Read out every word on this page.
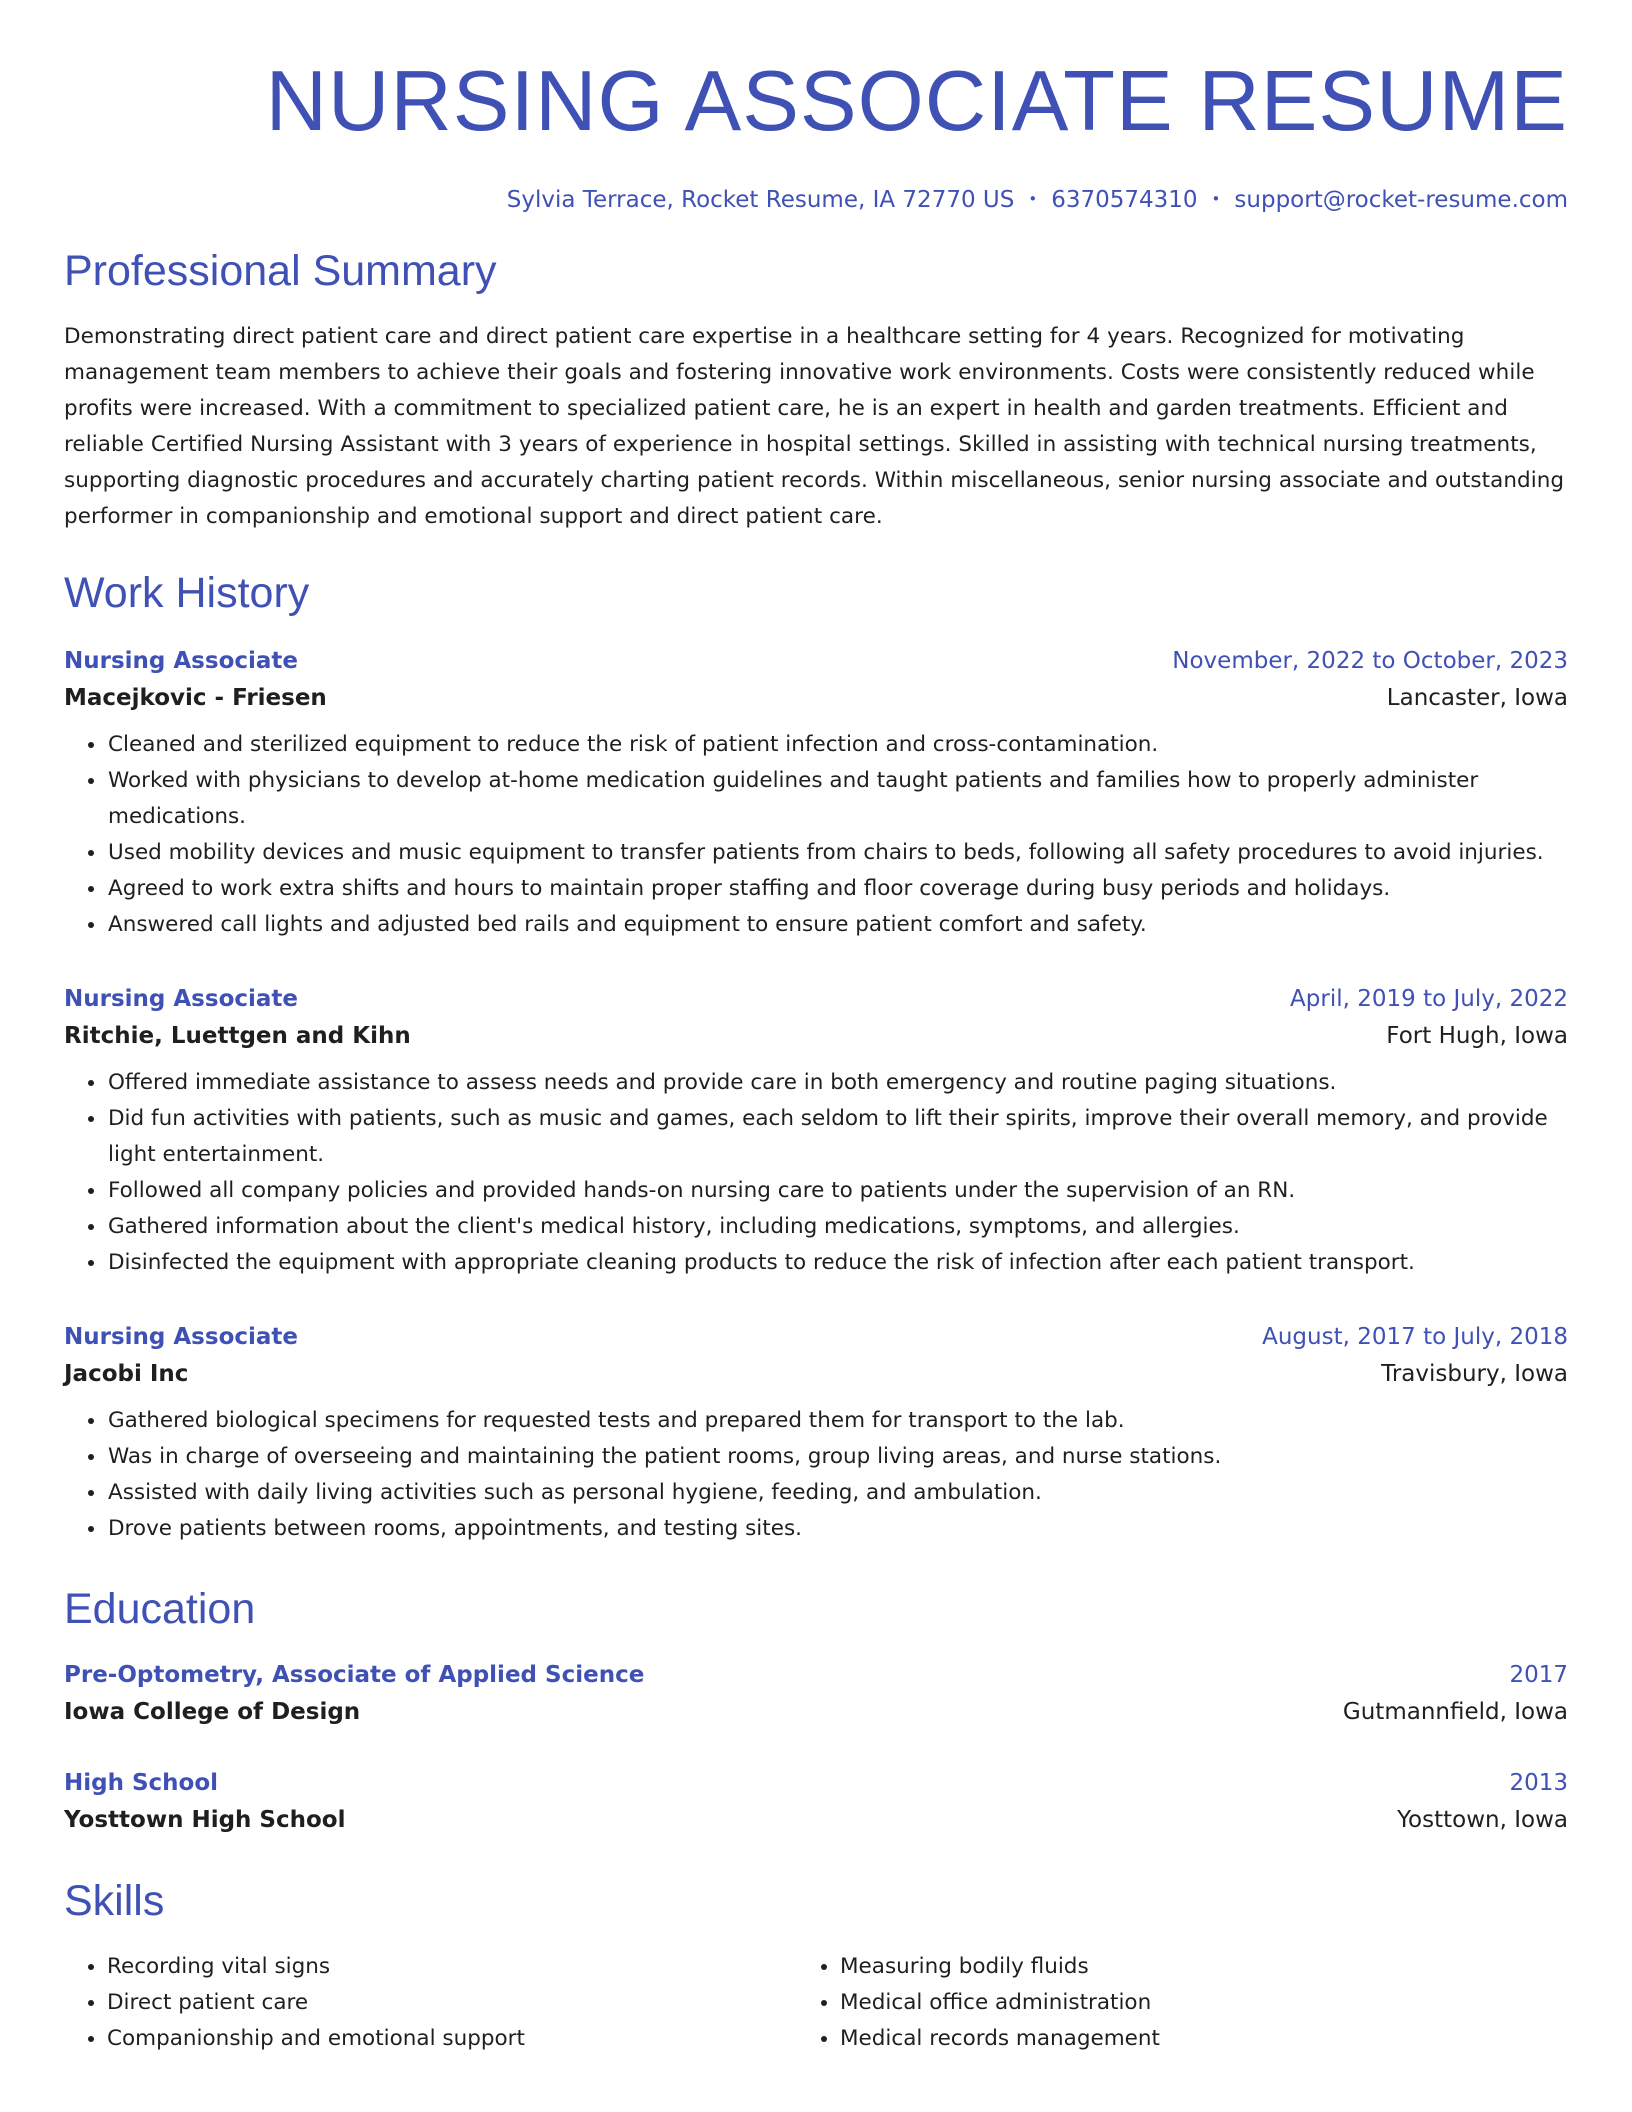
NURSING ASSOCIATE RESUME
Sylvia Terrace, Rocket Resume, IA 72770 US • 6370574310 • support@rocket-resume.com
Professional Summary
Demonstrating direct patient care and direct patient care expertise in a healthcare setting for 4 years. Recognized for motivating management team members to achieve their goals and fostering innovative work environments. Costs were consistently reduced while profits were increased. With a commitment to specialized patient care, he is an expert in health and garden treatments. Efficient and reliable Certified Nursing Assistant with 3 years of experience in hospital settings. Skilled in assisting with technical nursing treatments, supporting diagnostic procedures and accurately charting patient records. Within miscellaneous, senior nursing associate and outstanding performer in companionship and emotional support and direct patient care.
Work History
Nursing Associate	November, 2022 to October, 2023
Macejkovic - Friesen	Lancaster, Iowa
• Cleaned and sterilized equipment to reduce the risk of patient infection and cross-contamination.
• Worked with physicians to develop at-home medication guidelines and taught patients and families how to properly administer medications.
• Used mobility devices and music equipment to transfer patients from chairs to beds, following all safety procedures to avoid injuries.
• Agreed to work extra shifts and hours to maintain proper staffing and floor coverage during busy periods and holidays.
• Answered call lights and adjusted bed rails and equipment to ensure patient comfort and safety.
Nursing Associate	April, 2019 to July, 2022
Ritchie, Luettgen and Kihn	Fort Hugh, Iowa
• Offered immediate assistance to assess needs and provide care in both emergency and routine paging situations.
• Did fun activities with patients, such as music and games, each seldom to lift their spirits, improve their overall memory, and provide light entertainment.
• Followed all company policies and provided hands-on nursing care to patients under the supervision of an RN.
• Gathered information about the client's medical history, including medications, symptoms, and allergies.
• Disinfected the equipment with appropriate cleaning products to reduce the risk of infection after each patient transport.
Nursing Associate	August, 2017 to July, 2018
Jacobi Inc	Travisbury, Iowa
• Gathered biological specimens for requested tests and prepared them for transport to the lab.
• Was in charge of overseeing and maintaining the patient rooms, group living areas, and nurse stations.
• Assisted with daily living activities such as personal hygiene, feeding, and ambulation.
• Drove patients between rooms, appointments, and testing sites.
Education
Pre-Optometry, Associate of Applied Science	2017
Iowa College of Design	Gutmannfield, Iowa
High School	2013
Yosttown High School	Yosttown, Iowa
Skills
• Recording vital signs
• Direct patient care
• Companionship and emotional support
• Measuring bodily fluids
• Medical office administration
• Medical records management
